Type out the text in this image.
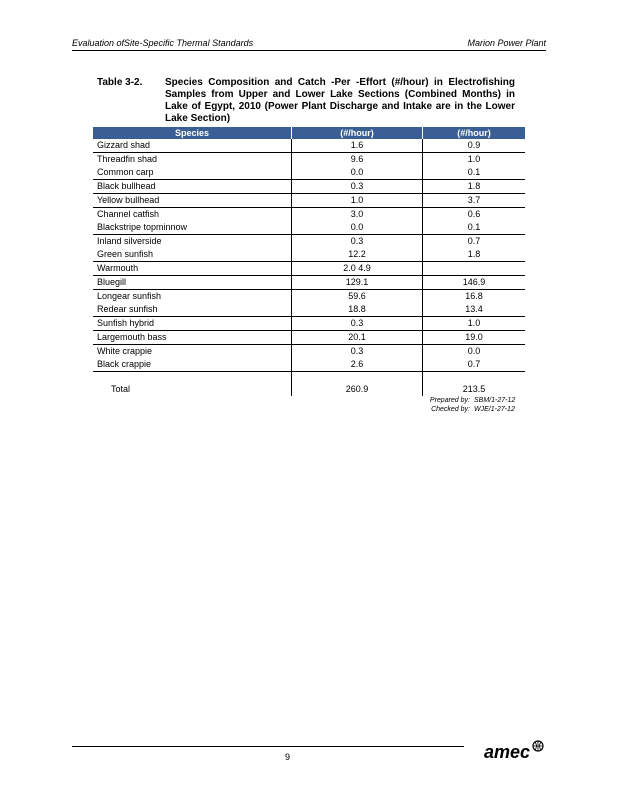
Evaluation ofSite-Specific Thermal Standards	Marion Power Plant
Table 3-2. Species Composition and Catch -Per -Effort (#/hour) in Electrofishing Samples from Upper and Lower Lake Sections (Combined Months) in Lake of Egypt, 2010 (Power Plant Discharge and Intake are in the Lower Lake Section)
Species	(#/hour)	(#/hour)
Gizzard shad	1.6	0.9
Threadfin shad	9.6	1.0
Common carp	0.0	0.1
Black bullhead	0.3	1.8
Yellow bullhead	1.0	3.7
Channel catfish	3.0	0.6
Blackstripe topminnow	0.0	0.1
Inland silverside	0.3	0.7
Green sunfish	12.2	1.8
Warmouth	2.0 4.9	
Bluegill	129.1	146.9
Longear sunfish	59.6	16.8
Redear sunfish	18.8	13.4
Sunfish hybrid	0.3	1.0
Largemouth bass	20.1	19.0
White crappie	0.3	0.0
Black crappie	2.6	0.7

Total	260.9	213.5
Prepared by: SBM/1-27-12
Checked by: WJE/1-27-12
9	amec
